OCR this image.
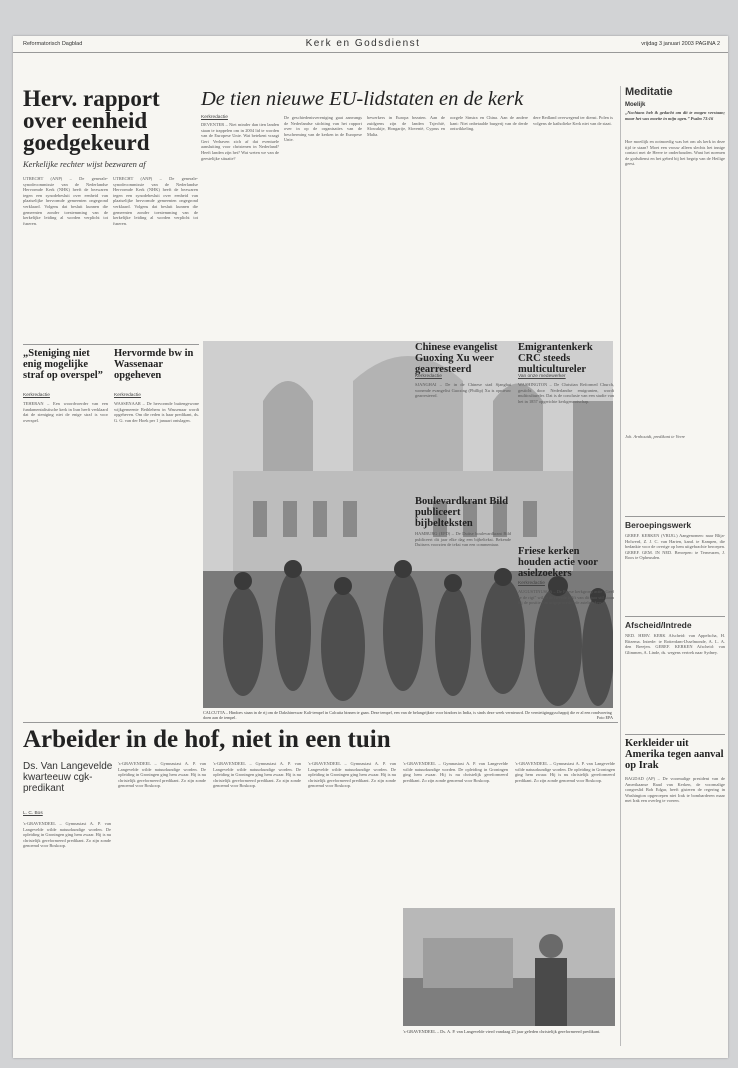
Reformatorisch Dagblad	Kerk en Godsdienst	vrijdag 3 januari 2003 PAGINA 2
Herv. rapport over eenheid goedgekeurd
Kerkelijke rechter wijst bezwaren af
UTRECHT (ANP) – De generale-synodecommissie van de Nederlandse Hervormde Kerk (NHK) heeft de bezwaren tegen een synodebesluit over eenheid van plaatselijke hervormde gemeenten ongegrond verklaard. Volgens dat besluit kunnen die gemeenten zonder toestemming van de kerkelijke leiding al worden verplicht tot fuseren.
UTRECHT (ANP) – De generale-synodecommissie van de Nederlandse Hervormde Kerk (NHK) heeft de bezwaren tegen een synodebesluit over eenheid van plaatselijke hervormde gemeenten ongegrond verklaard. Volgens dat besluit kunnen die gemeenten zonder toestemming van de kerkelijke leiding al worden verplicht tot fuseren.
De tien nieuwe EU-lidstaten en de kerk
Kerkredactie
DEVENTER – Niet minder dan tien landen staan te trappelen om in 2004 lid te worden van de Europese Unie. Wat betekent vraagt Gert Verhaven zich af dat eventuele aansluiting voor christenen in Nederland? Heeft landen zijn het? Wat weten we van de geestelijke situatie?
De geschiedenisvereniging gaat aanvangs de Nederlandse stichting van het rapport over in op de organisaties van de bescherming van de kerken in de Europese Unie.
bewerkers in Europa bezaten. Aan de zuidgrens zijn de landen Tsjechië, Slowakije, Hongarije, Slovenië, Cyprus en Malta.
oorgele Sinstra en China. Aan de andere kant: Niet onbetaalde burgerij van de derde ontwikkeling.
dere Redland overwegend ter dienst. Polen is volgens de katholieke Kerk niet van de staat.
„Steniging niet enig mogelijke straf op overspel”
Kerkredactie
TEHERAN – Een woordvoerder van een fundamentalistische kerk in Iran heeft verklaard dat de steniging niet de enige straf is voor overspel.
Hervormde bw in Wassenaar opgeheven
Kerkredactie
WASSENAAR – De hervormde buitengewone wijkgemeente Bethlehem in Wassenaar wordt opgeheven. Om die reden is haar predikant, ds. G. G. van der Hoek per 1 januari ontslagen.
CALCUTTA – Hindoes staan in de rij om de Dakshineswar Kali-tempel in Calcutta binnen te gaan. Deze tempel, een van de belangrijkste voor hindoes in India, is sinds deze week vernieuwd. De vernietiginggsschappij die er al een rondvoering doen aan de tempel.	Foto EPA
Chinese evangelist Guoxing Xu weer gearresteerd
Kerkredactie
SJANGHAI – De in de Chinese stad Sjanghai wonende evangelist Guoxing (Phillip) Xu is opnieuw gearresteerd.
Boulevardkrant Bild publiceert bijbelteksten
HAMBURG (EPD) – De Duitse boulevardkrant Bild publiceert dit jaar elke dag een bijbeltekst. Bekende Duitsers voorzien de tekst van een commentaar.
Emigrantenkerk CRC steeds multicultureler
Van onze medewerker
WASHINGTON – De Christian Reformed Church, gesticht door Nederlandse emigranten, wordt multicultureler. Dat is de conclusie van een studie van het in 1857 opgerichte kerkgenootschap.
Friese kerken houden actie voor asielzoekers
Kerkredactie
AUGUSTINUSGA – De Friese kerkgroep actie „Geef se de rigt” wil in de tweede helft van dit jaar stil staan bij de positie van uitgeprocedeerde asielzoekers.
Arbeider in de hof, niet in een tuin
Ds. Van Langevelde kwarteeuw cgk-predikant
L. C. Bos
's-GRAVENDEEL – Gymnasiast A. P. van Langevelde wilde natuurkundige worden. De opleiding in Groningen ging hem zwaar. Hij is nu christelijk gereformeerd predikant. Zo zijn zonde genoemd voor Boskoop.
's-GRAVENDEEL – Gymnasiast A. P. van Langevelde wilde natuurkundige worden. De opleiding in Groningen ging hem zwaar. Hij is nu christelijk gereformeerd predikant. Zo zijn zonde genoemd voor Boskoop.
's-GRAVENDEEL – Gymnasiast A. P. van Langevelde wilde natuurkundige worden. De opleiding in Groningen ging hem zwaar. Hij is nu christelijk gereformeerd predikant. Zo zijn zonde genoemd voor Boskoop.
's-GRAVENDEEL – Gymnasiast A. P. van Langevelde wilde natuurkundige worden. De opleiding in Groningen ging hem zwaar. Hij is nu christelijk gereformeerd predikant. Zo zijn zonde genoemd voor Boskoop.
's-GRAVENDEEL – Gymnasiast A. P. van Langevelde wilde natuurkundige worden. De opleiding in Groningen ging hem zwaar. Hij is nu christelijk gereformeerd predikant. Zo zijn zonde genoemd voor Boskoop.
's-GRAVENDEEL – Gymnasiast A. P. van Langevelde wilde natuurkundige worden. De opleiding in Groningen ging hem zwaar. Hij is nu christelijk gereformeerd predikant. Zo zijn zonde genoemd voor Boskoop.
's-GRAVENDEEL – Ds. A. P. van Langevelde vierd vandaag 25 jaar geleden christelijk gereformeerd predikant.
Meditatie
Moelijk
„Nochtans heb ik gedacht om dit te mogen verstaan; maar het was moeite in mijn ogen.” Psalm 73:16
Hoe moeilijk en ootmoedig was het om als kerk in deze tijd te staan? Moet een vrouw alleen slechts het innige contact met de Heere te onderhouden. Want het noemen de godsdienst en het gebed bij het begrip van de Heilige geest.
Joh. Arnhoutdt, predikant te Veere
Beroepingswerk
GEREF. KERKEN (VRIJG.) Aangenomen: naar Blija-Holwerd, Z. J. C. van Harten, kand. te Kampen, die bedankte voor de overige op hem uitgebrachte beroepen. GEREF. GEM. IN NED. Beroepen: te Terneuzen, J. Roos te Opheusden.
Afscheid/Intrede
NED. HERV. KERK Afscheid: van Appelscha, H. Ritzema. Intrede: te Rotterdam-IJsselmonde, A. L. A. den Breejen. GEREF. KERKEN Afscheid: van Glimmen, A. Linde, ds. wegens vertrek naar Sydney.
Kerkleider uit Amerika tegen aanval op Irak
BAGDAD (AP) – De voormalige president van de Amerikaanse Raad van Kerken, de voormalige congreslid Bob Edgar, heeft gisteren de regering in Washington opgeroepen niet Irak te bombarderen maar met Irak een overleg te voeren.
